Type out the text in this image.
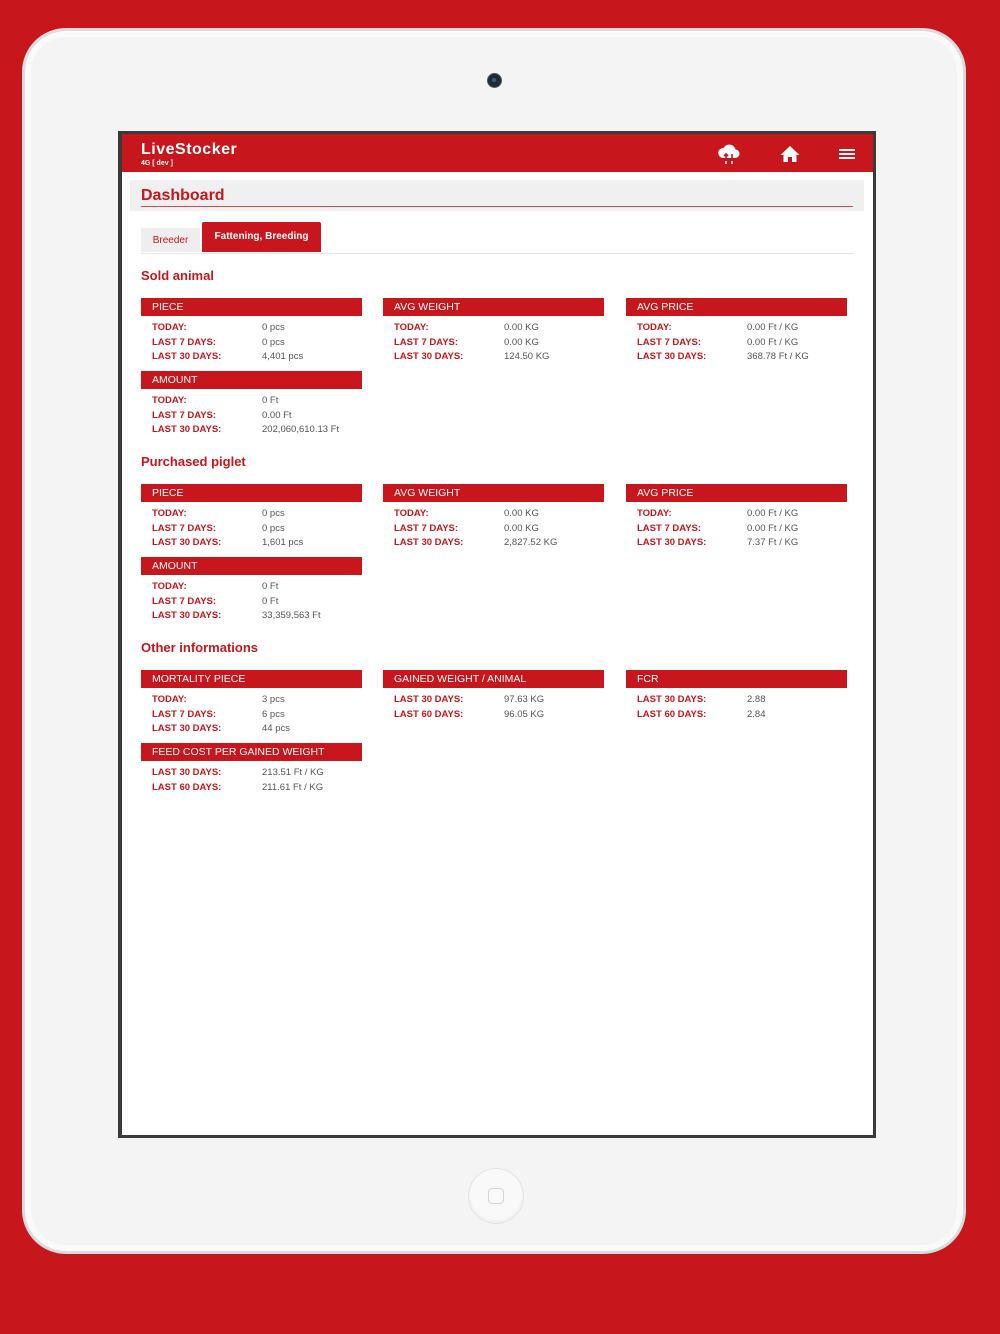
LiveStocker
4G [ dev ]
Dashboard
Breeder	Fattening, Breeding
Sold animal
PIECE
TODAY:	0 pcs
LAST 7 DAYS:	0 pcs
LAST 30 DAYS:	4,401 pcs
AVG WEIGHT
TODAY:	0.00 KG
LAST 7 DAYS:	0.00 KG
LAST 30 DAYS:	124.50 KG
AVG PRICE
TODAY:	0.00 Ft / KG
LAST 7 DAYS:	0.00 Ft / KG
LAST 30 DAYS:	368.78 Ft / KG
AMOUNT
TODAY:	0 Ft
LAST 7 DAYS:	0.00 Ft
LAST 30 DAYS:	202,060,610.13 Ft
Purchased piglet
PIECE
TODAY:	0 pcs
LAST 7 DAYS:	0 pcs
LAST 30 DAYS:	1,601 pcs
AVG WEIGHT
TODAY:	0.00 KG
LAST 7 DAYS:	0.00 KG
LAST 30 DAYS:	2,827.52 KG
AVG PRICE
TODAY:	0.00 Ft / KG
LAST 7 DAYS:	0.00 Ft / KG
LAST 30 DAYS:	7.37 Ft / KG
AMOUNT
TODAY:	0 Ft
LAST 7 DAYS:	0 Ft
LAST 30 DAYS:	33,359,563 Ft
Other informations
MORTALITY PIECE
TODAY:	3 pcs
LAST 7 DAYS:	6 pcs
LAST 30 DAYS:	44 pcs
GAINED WEIGHT / ANIMAL
LAST 30 DAYS:	97.63 KG
LAST 60 DAYS:	96.05 KG
FCR
LAST 30 DAYS:	2.88
LAST 60 DAYS:	2.84
FEED COST PER GAINED WEIGHT
LAST 30 DAYS:	213.51 Ft / KG
LAST 60 DAYS:	211.61 Ft / KG
